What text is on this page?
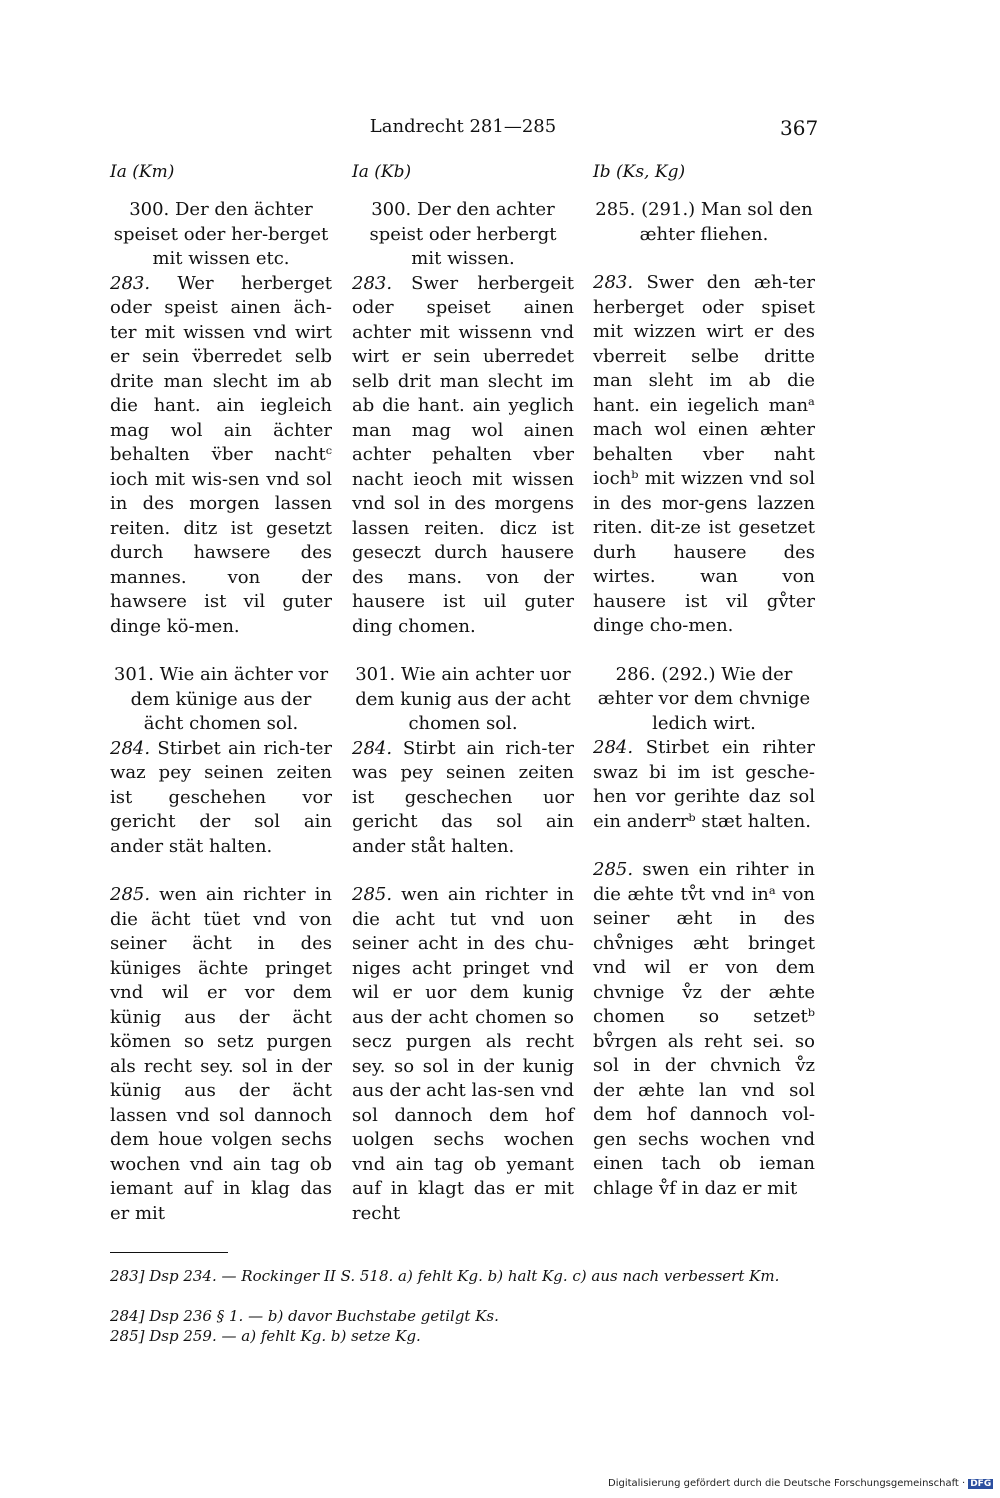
Landrecht 281—285	367
Ia (Km)
300. Der den ächter speiset oder her-berget mit wissen etc.
283. Wer herberget oder speist ainen äch-ter mit wissen vnd wirt er sein v̈berredet selb drite man slecht im ab die hant. ain iegleich mag wol ain ächter behalten v̈ber nachtᶜ ioch mit wis-sen vnd sol in des morgen lassen reiten. ditz ist gesetzt durch hawsere des mannes. von der hawsere ist vil guter dinge kö-men.
301. Wie ain ächter vor dem künige aus der ächt chomen sol.
284. Stirbet ain rich-ter waz pey seinen zeiten ist geschehen vor gericht der sol ain ander stät halten.
285. wen ain richter in die ächt tüet vnd von seiner ächt in des küniges ächte pringet vnd wil er vor dem künig aus der ächt kömen so setz purgen als recht sey. sol in der künig aus der ächt lassen vnd sol dannoch dem houe volgen sechs wochen vnd ain tag ob iemant auf in klag das er mit
Ia (Kb)
300. Der den achter speist oder herbergt mit wissen.
283. Swer herbergeit oder speiset ainen achter mit wissenn vnd wirt er sein uberredet selb drit man slecht im ab die hant. ain yeglich man mag wol ainen achter pehalten vber nacht ieoch mit wissen vnd sol in des morgens lassen reiten. dicz ist geseczt durch hausere des mans. von der hausere ist uil guter ding chomen.
301. Wie ain achter uor dem kunig aus der acht chomen sol.
284. Stirbt ain rich-ter was pey seinen zeiten ist geschechen uor gericht das sol ain ander ståt halten.
285. wen ain richter in die acht tut vnd uon seiner acht in des chu-niges acht pringet vnd wil er uor dem kunig aus der acht chomen so secz purgen als recht sey. so sol in der kunig aus der acht las-sen vnd sol dannoch dem hof uolgen sechs wochen vnd ain tag ob yemant auf in klagt das er mit recht
Ib (Ks, Kg)
285. (291.) Man sol den æhter fliehen.
283. Swer den æh-ter herberget oder spiset mit wizzen wirt er des vberreit selbe dritte man sleht im ab die hant. ein iegelich manᵃ mach wol einen æhter behalten vber naht iochᵇ mit wizzen vnd sol in des mor-gens lazzen riten. dit-ze ist gesetzet durh hausere des wirtes. wan von hausere ist vil gv̊ter dinge cho-men.
286. (292.) Wie der æhter vor dem chvnige ledich wirt.
284. Stirbet ein rihter swaz bi im ist gesche-hen vor gerihte daz sol ein anderrᵇ stæt halten.
285. swen ein rihter in die æhte tv̊t vnd inᵃ von seiner æht in des chv̊niges æht bringet vnd wil er von dem chvnige v̊z der æhte chomen so setzetᵇ bv̊rgen als reht sei. so sol in der chvnich v̊z der æhte lan vnd sol dem hof dannoch vol-gen sechs wochen vnd einen tach ob ieman chlage v̊f in daz er mit
283] Dsp 234. — Rockinger II S. 518. a) fehlt Kg. b) halt Kg. c) aus nach verbessert Km.
284] Dsp 236 § 1. — b) davor Buchstabe getilgt Ks.
285] Dsp 259. — a) fehlt Kg. b) setze Kg.
Digitalisierung gefördert durch die Deutsche Forschungsgemeinschaft · DFG
